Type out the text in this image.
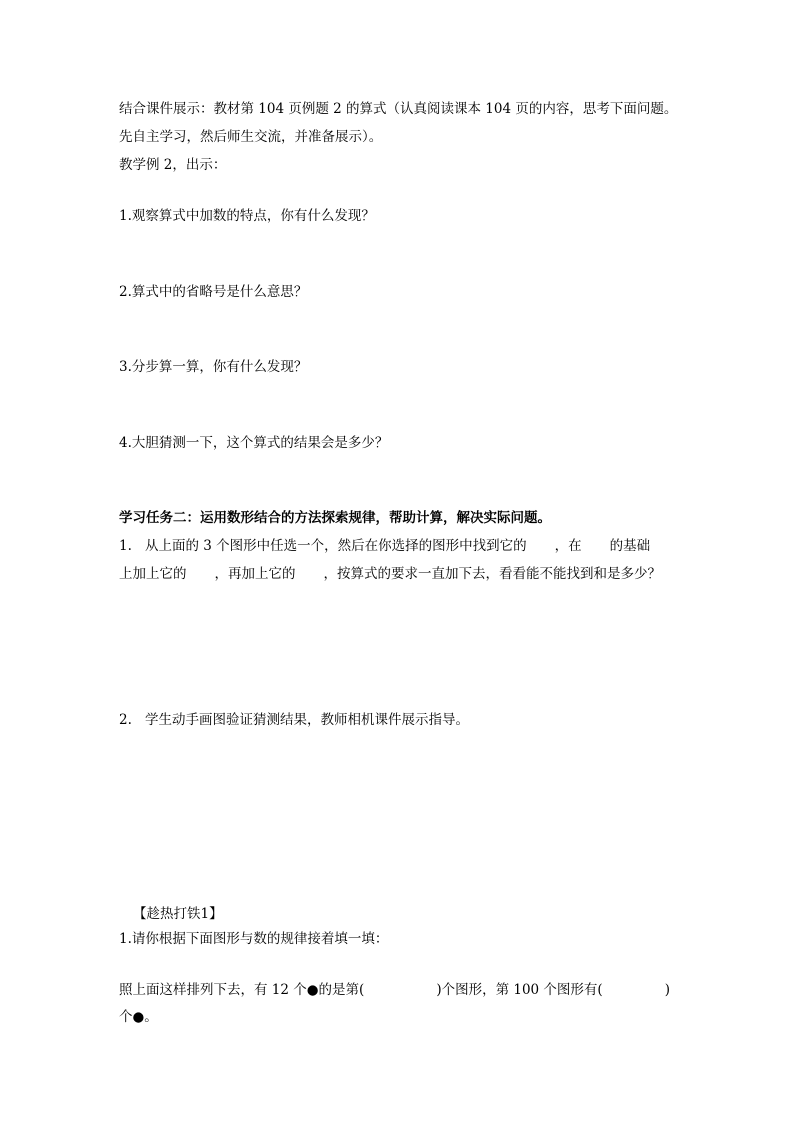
结合课件展示：教材第 104 页例题 2 的算式（认真阅读课本 104 页的内容，思考下面问题。
先自主学习，然后师生交流，并准备展示）。
教学例 2，出示：
1.观察算式中加数的特点，你有什么发现？
2.算式中的省略号是什么意思？
3.分步算一算，你有什么发现？
4.大胆猜测一下，这个算式的结果会是多少？
学习任务二：运用数形结合的方法探索规律，帮助计算，解决实际问题。
1. 从上面的 3 个图形中任选一个，然后在你选择的图形中找到它的 ，在 的基础
上加上它的 ，再加上它的 ，按算式的要求一直加下去，看看能不能找到和是多少？
2. 学生动手画图验证猜测结果，教师相机课件展示指导。
【趁热打铁1】
1.请你根据下面图形与数的规律接着填一填：
照上面这样排列下去，有 12 个●的是第(	)个图形，第 100 个图形有(	)
个●。
